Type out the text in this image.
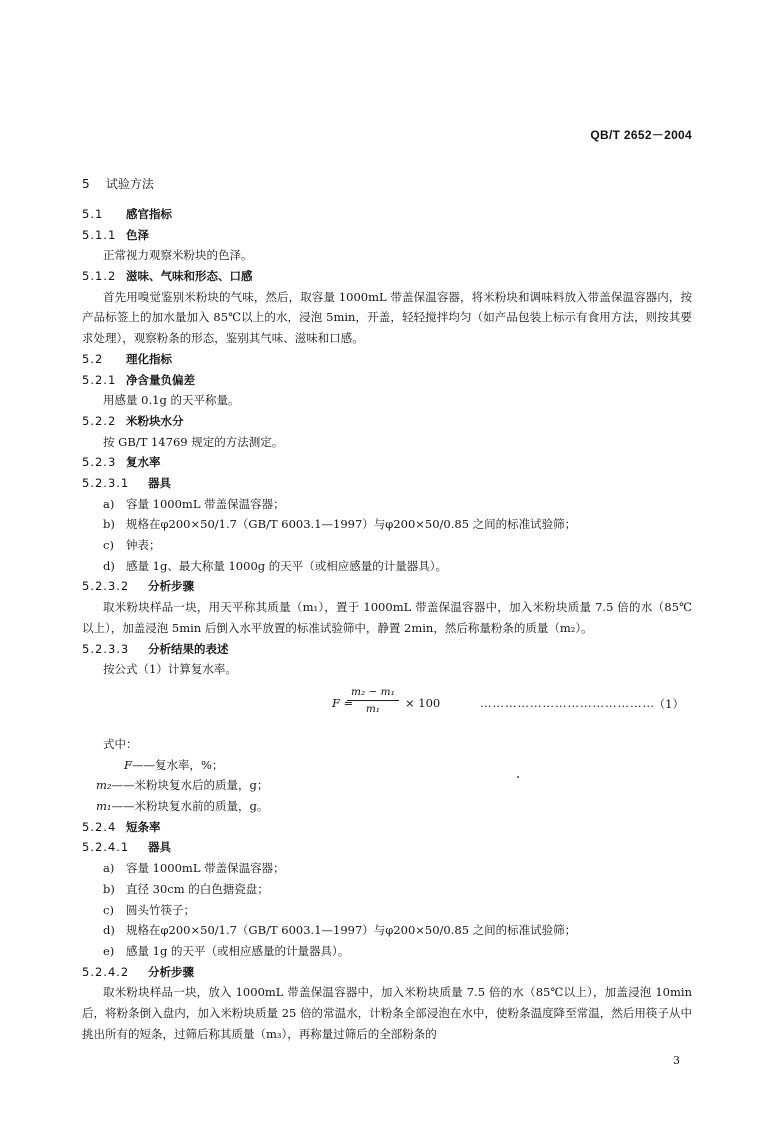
QB/T 2652－2004
5 试验方法
5.1 感官指标
5.1.1 色泽
正常视力观察米粉块的色泽。
5.1.2 滋味、气味和形态、口感
首先用嗅觉鉴别米粉块的气味，然后，取容量 1000mL 带盖保温容器，将米粉块和调味料放入带盖保温容器内，按产品标签上的加水量加入 85℃以上的水，浸泡 5min，开盖，轻轻搅拌均匀（如产品包装上标示有食用方法，则按其要求处理），观察粉条的形态，鉴别其气味、滋味和口感。
5.2 理化指标
5.2.1 净含量负偏差
用感量 0.1g 的天平称量。
5.2.2 米粉块水分
按 GB/T 14769 规定的方法测定。
5.2.3 复水率
5.2.3.1 器具
a) 容量 1000mL 带盖保温容器；
b) 规格在φ200×50/1.7（GB/T 6003.1—1997）与φ200×50/0.85 之间的标准试验筛；
c) 钟表；
d) 感量 1g、最大称量 1000g 的天平（或相应感量的计量器具）。
5.2.3.2 分析步骤
取米粉块样品一块，用天平称其质量（m₁），置于 1000mL 带盖保温容器中，加入米粉块质量 7.5 倍的水（85℃以上），加盖浸泡 5min 后倒入水平放置的标准试验筛中，静置 2min，然后称量粉条的质量（m₂）。
5.2.3.3 分析结果的表述
按公式（1）计算复水率。
F =
$\frac{\text{m₂ − m₁}}{\text{m₁}} \times 100$	……………………………………
（1）
式中：
F——复水率，%；
m₂——米粉块复水后的质量，g；
m₁——米粉块复水前的质量，g。
5.2.4 短条率
5.2.4.1 器具
a) 容量 1000mL 带盖保温容器；
b) 直径 30cm 的白色搪瓷盘；
c) 圆头竹筷子；
d) 规格在φ200×50/1.7（GB/T 6003.1—1997）与φ200×50/0.85 之间的标准试验筛；
e) 感量 1g 的天平（或相应感量的计量器具）。
5.2.4.2 分析步骤
取米粉块样品一块，放入 1000mL 带盖保温容器中，加入米粉块质量 7.5 倍的水（85℃以上），加盖浸泡 10min 后，将粉条倒入盘内，加入米粉块质量 25 倍的常温水，计粉条全部浸泡在水中，使粉条温度降至常温，然后用筷子从中挑出所有的短条，过筛后称其质量（m₃），再称量过筛后的全部粉条的
3
